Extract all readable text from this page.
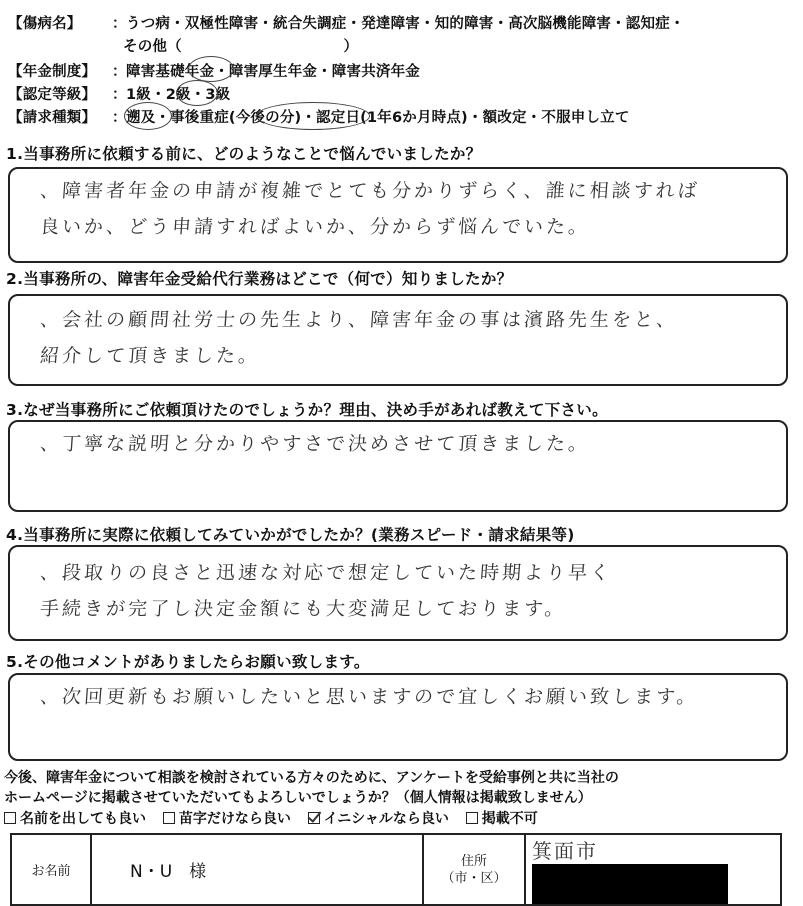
【傷病名】 ：うつ病・双極性障害・統合失調症・発達障害・知的障害・高次脳機能障害・認知症・
その他（　　　　　　　　　　　）
【年金制度】 ：障害基礎年金・障害厚生年金・障害共済年金
【認定等級】 ：1級・2級・3級
【請求種類】 ：遡及・事後重症(今後の分)・認定日(1年6か月時点)・額改定・不服申し立て
1.当事務所に依頼する前に、どのようなことで悩んでいましたか？
、障害者年金の申請が複雑でとても分かりずらく、誰に相談すれば
良いか、どう申請すればよいか、分からず悩んでいた。
2.当事務所の、障害年金受給代行業務はどこで（何で）知りましたか？
、会社の顧問社労士の先生より、障害年金の事は濱路先生をと、
紹介して頂きました。
3.なぜ当事務所にご依頼頂けたのでしょうか？理由、決め手があれば教えて下さい。
、丁寧な説明と分かりやすさで決めさせて頂きました。
4.当事務所に実際に依頼してみていかがでしたか？(業務スピード・請求結果等)
、段取りの良さと迅速な対応で想定していた時期より早く
手続きが完了し決定金額にも大変満足しております。
5.その他コメントがありましたらお願い致します。
、次回更新もお願いしたいと思いますので宜しくお願い致します。
今後、障害年金について相談を検討されている方々のために、アンケートを受給事例と共に当社の
ホームページに掲載させていただいてもよろしいでしょうか？（個人情報は掲載致しません）
名前を出しても良い 苗字だけなら良い イニシャルなら良い 掲載不可
お名前	N・U　様	
住所
（市・区）
	箕面市
